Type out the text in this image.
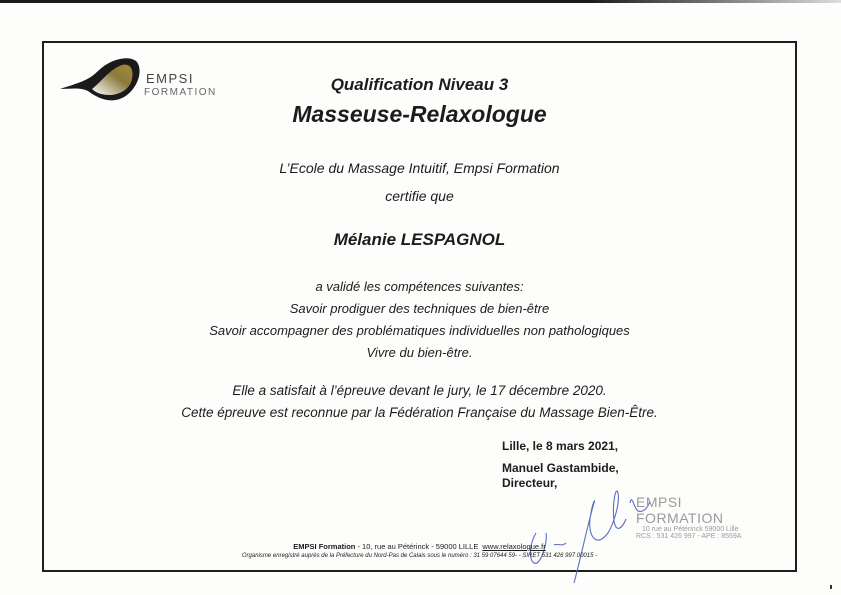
EMPSI
FORMATION	Qualification Niveau 3
Masseuse-Relaxologue
L’Ecole du Massage Intuitif, Empsi Formation
certifie que
Mélanie LESPAGNOL
a validé les compétences suivantes:
Savoir prodiguer des techniques de bien-être
Savoir accompagner des problématiques individuelles non pathologiques
Vivre du bien-être.
Elle a satisfait à l’épreuve devant le jury, le 17 décembre 2020.
Cette épreuve est reconnue par la Fédération Française du Massage Bien-Être.
Lille, le 8 mars 2021,
Manuel Gastambide,
Directeur,
EMPSI FORMATION
10 rue au Pétérinck 59000 Lille
RCS : 531 426 997 - APE : 8559A
EMPSI Formation - 10, rue au Pétérinck - 59000 LILLE www.relaxologue.fr
Organisme enregistré auprès de la Préfecture du Nord-Pas de Calais sous le numéro : 31 59 07644 59- - SIRET 531 426 997 00015 -
